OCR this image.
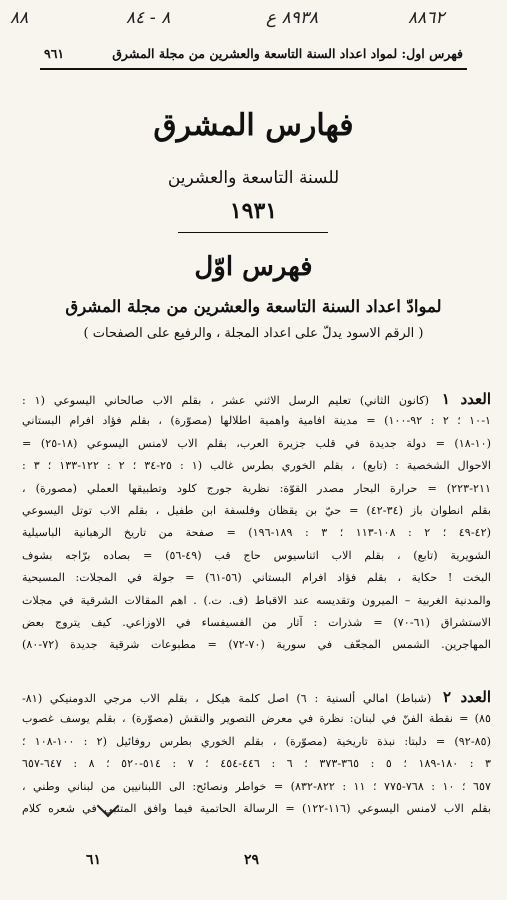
٨٨	٨ - ٨٤	٨٩٣٨ ع	٨٨٦٢
فهرس اول: لمواد اعداد السنة التاسعة والعشرين من مجلة المشرق
٩٦١
فهارس المشرق
للسنة التاسعة والعشرين
١٩٣١
فهرس اوّل
لموادّ اعداد السنة التاسعة والعشرين من مجلة المشرق
( الرقم الاسود يدلّ على اعداد المجلة ، والرفيع على الصفحات )
العدد ١ (كانون الثاني) تعليم الرسل الاثني عشر ، بقلم الاب صالحاني اليسوعي (١ :
١-١٠ ؛ ٢ : ٩٢-١٠٠) = مدينة افامية واهمية اطلالها (مصوّرة) ، بقلم فؤاد افرام البستاني
(١٠-١٨) = دولة جديدة في قلب جزيرة العرب، بقلم الاب لامنس اليسوعي (١٨-٢٥) =
الاحوال الشخصية : (تابع) ، بقلم الخوري بطرس غالب (١ : ٢٥-٣٤ ؛ ٢ : ١٢٢-١٣٣ ؛ ٣ :
٢١١-٢٢٣) = حرارة البحار مصدر القوّة: نظرية جورج كلود وتطبيقها العملي (مصورة) ،
بقلم انطوان باز (٣٤-٤٢) = حيّ بن يقظان وفلسفة ابن طفيل ، بقلم الاب توتل اليسوعي
(٤٢-٤٩ ؛ ٢ : ١٠٨-١١٣ ؛ ٣ : ١٨٩-١٩٦) = صفحة من تاريخ الرهبانية الباسيلية
الشويرية (تابع) ، بقلم الاب اثناسيوس حاج قب (٤٩-٥٦) = بصاده برّاجه بشوف
البخت ! حكاية ، بقلم فؤاد افرام البستاني (٥٦-٦١) = جولة في المجلات: المسيحية
والمدنية الغربية – الميرون وتقديسه عند الاقباط (ف. ت.) . اهم المقالات الشرقية في مجلات
الاستشراق (٦١-٧٠) = شذرات : آثار من الفسيفساء في الاوزاعي. كيف يتروج بعض
المهاجرين. الشمس المجعّف في سورية (٧٠-٧٢) = مطبوعات شرقية جديدة (٧٢-٨٠)
العدد ٢ (شباط) امالي ألسنية : ٦) اصل كلمة هيكل ، بقلم الاب مرجي الدومنيكي (٨١-
٨٥) = نقطة الفنّ في لبنان: نظرة في معرض التصوير والنقش (مصوّرة) ، بقلم يوسف غصوب
(٨٥-٩٢) = دلبتا: نبذة تاريخية (مصوّرة) ، بقلم الخوري بطرس روفائيل (٢ : ١٠٠-١٠٨ ؛
٣ : ١٨٠-١٨٩ ؛ ٥ : ٣٦٥-٣٧٣ ؛ ٦ : ٤٤٦-٤٥٤ ؛ ٧ : ٥١٤-٥٢٠ ؛ ٨ : ٦٤٧-٦٥٧
٦٥٧ ؛ ١٠ : ٧٦٨-٧٧٥ ؛ ١١ : ٨٢٢-٨٣٢) = خواطر ونصائح: الى اللبنانيين من لبناني وطني ،
بقلم الاب لامنس اليسوعي (١١٦-١٢٢) = الرسالة الحاتمية فيما وافق المتنبي في شعره كلام
٦١	٢٩
